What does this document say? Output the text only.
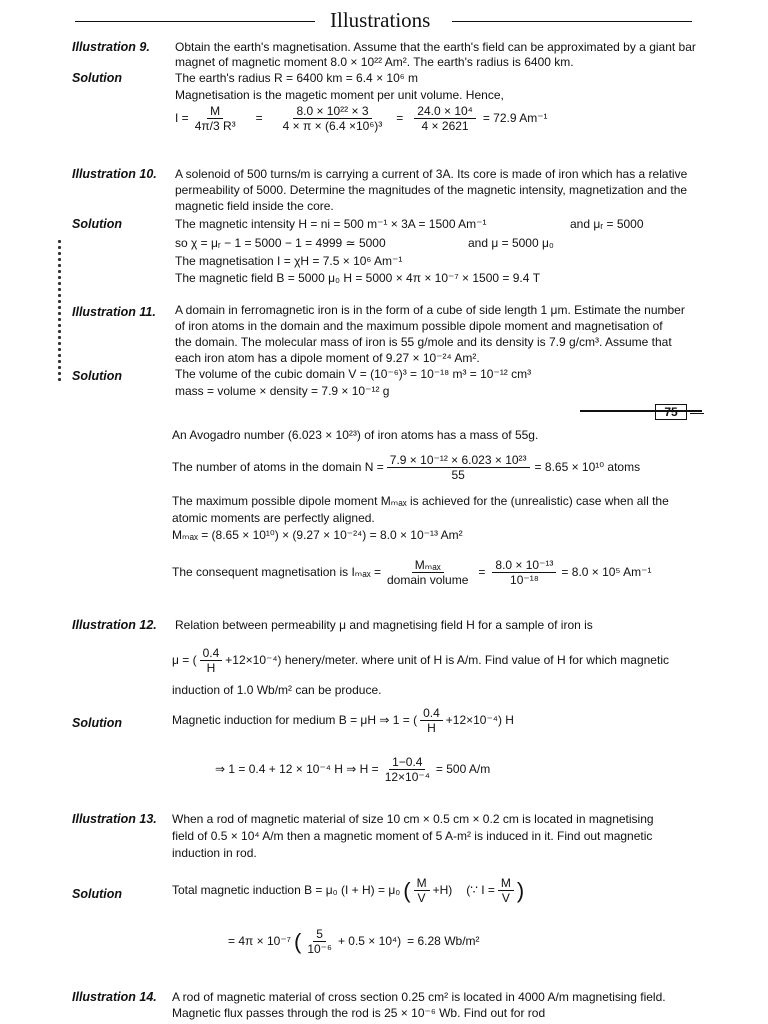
Illustrations
Illustration 9. Obtain the earth's magnetisation. Assume that the earth's field can be approximated by a giant bar
magnet of magnetic moment 8.0 × 10²² Am². The earth's radius is 6400 km.
Solution	The earth's radius R = 6400 km = 6.4 × 10⁶ m
Magnetisation is the magetic moment per unit volume. Hence,
$I = \frac{M}{\text{4π/3 R³}} = \frac{\text{8.0 × 10²² × 3}}{\text{4 × π × (6.4 ×10⁶)³}} = \frac{\text{24.0 × 10⁴}}{4 \times 2621} = 72.9$ Am⁻¹
Illustration 10. A solenoid of 500 turns/m is carrying a current of 3A. Its core is made of iron which has a relative
permeability of 5000. Determine the magnitudes of the magnetic intensity, magnetization and the
magnetic field inside the core.
Solution	The magnetic intensity H = ni = 500 m⁻¹ × 3A = 1500 Am⁻¹	and μᵣ = 5000
so χ = μᵣ − 1 = 5000 − 1 = 4999 ≃ 5000	and μ = 5000 μ₀
The magnetisation I = χH = 7.5 × 10⁶ Am⁻¹
The magnetic field B = 5000 μ₀ H = 5000 × 4π × 10⁻⁷ × 1500 = 9.4 T
Illustration 11. A domain in ferromagnetic iron is in the form of a cube of side length 1 μm. Estimate the number
of iron atoms in the domain and the maximum possible dipole moment and magnetisation of
the domain. The molecular mass of iron is 55 g/mole and its density is 7.9 g/cm³. Assume that
each iron atom has a dipole moment of 9.27 × 10⁻²⁴ Am².
Solution	The volume of the cubic domain V = (10⁻⁶)³ = 10⁻¹⁸ m³ = 10⁻¹² cm³
mass = volume × density = 7.9 × 10⁻¹² g
75
An Avogadro number (6.023 × 10²³) of iron atoms has a mass of 55g.
The number of atoms in the domain $N = \frac{\text{7.9 × 10⁻¹² × 6.023 × 10²³}}{55} = 8.65 \times 10^{10}$ atoms
The maximum possible dipole moment Mₘₐₓ is achieved for the (unrealistic) case when all the
atomic moments are perfectly aligned.
Mₘₐₓ = (8.65 × 10¹⁰) × (9.27 × 10⁻²⁴) = 8.0 × 10⁻¹³ Am²
The consequent magnetisation is $I_{max} = \frac{\text{Mₘₐₓ}}{\text{domain volume}} = \frac{\text{8.0 × 10⁻¹³}}{\text{10⁻¹⁸}} = 8.0 \times 10^5$ Am⁻¹
Illustration 12. Relation between permeability μ and magnetising field H for a sample of iron is
μ = ( $\frac{0.4}{H} +12\times 10^{-4}$) henery/meter. where unit of H is A/m. Find value of H for which magnetic
induction of 1.0 Wb/m² can be produce.
Solution	Magnetic induction for medium B = μH ⇒ 1 = ( $\frac{0.4}{H} +12\times 10^{-4}$) H
⇒ 1 = 0.4 + 12 × 10⁻⁴ H ⇒ $H = \frac{1-0.4}{\text{12×10⁻⁴}} = 500$ A/m
Illustration 13. When a rod of magnetic material of size 10 cm × 0.5 cm × 0.2 cm is located in magnetising
field of 0.5 × 10⁴ A/m then a magnetic moment of 5 A-m² is induced in it. Find out magnetic
induction in rod.
Solution	Total magnetic induction B = μ₀ (I + H) = μ₀ ( $\frac{M}{V} +H$) (∵ $I = \frac{M}{V}$ )
= 4π × 10⁻⁷ ( $\frac{5}{\text{10⁻⁶}} + 0.5 \times 10^4) = 6.28$ Wb/m²
Illustration 14. A rod of magnetic material of cross section 0.25 cm² is located in 4000 A/m magnetising field.
Magnetic flux passes through the rod is 25 × 10⁻⁶ Wb. Find out for rod
